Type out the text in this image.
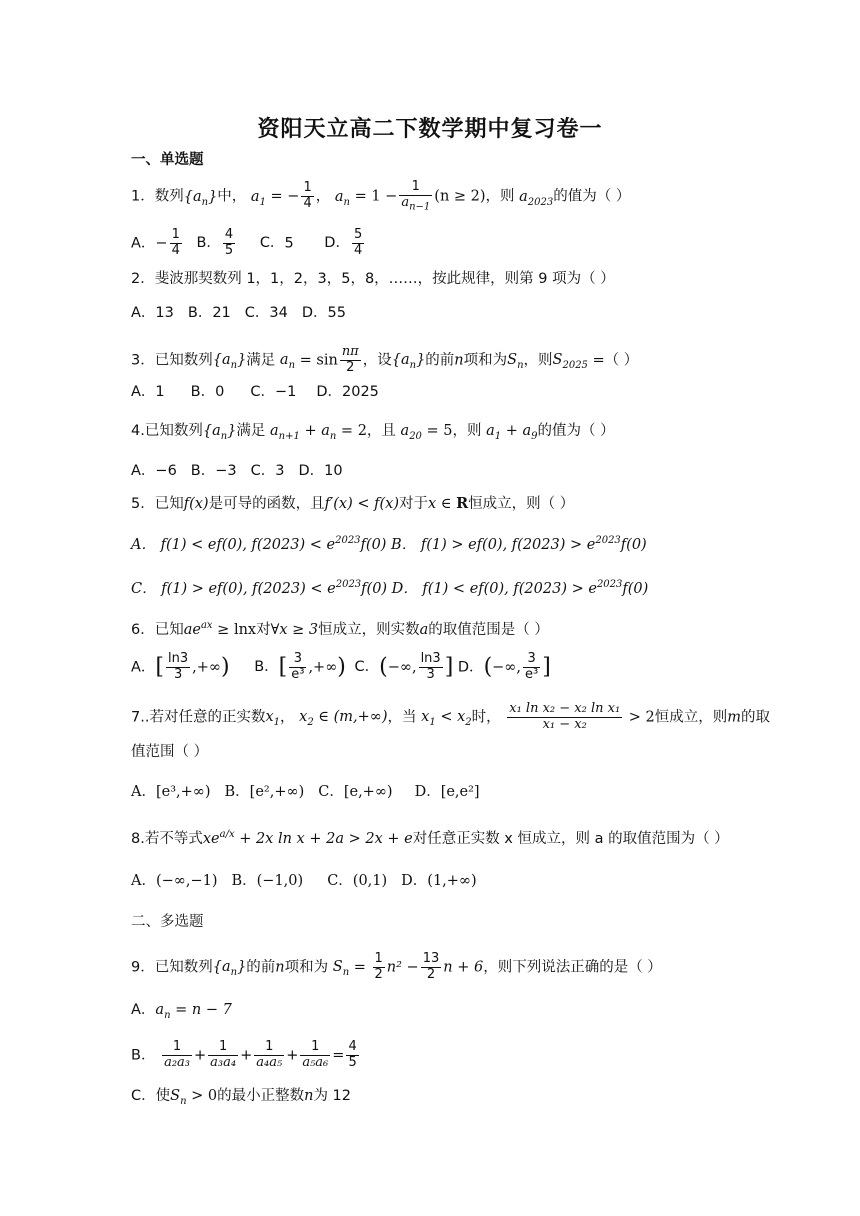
资阳天立高二下数学期中复习卷一
一、单选题
1．数列$\{a_n\}$中， $a_1$ = − $\frac{1}{4}$ ， $a_n = 1 - \frac{1}{a_{n-1}} (n \ge 2)$，则 $a_{2023}$的值为（ ）
A．− $\frac{1}{4}$ B． $\frac{4}{5}$ C．5 D． $\frac{5}{4}$
2．斐波那契数列 1，1，2，3，5，8，……，按此规律，则第 9 项为（ ）
A．13 B．21 C．34 D．55
3．已知数列$\{a_n\}$满足 $a_n = \sin \frac{n\pi}{2}$ ，设$\{a_n\}$的前n项和为$S_n$，则$S_{2025}$ =（ ）
A．1 B．0 C．−1 D．2025
4.已知数列$\{a_n\}$满足 $a_{n+1} + a_n = 2$，且 $a_{20} = 5$，则 $a_1 + a_9$的值为（ ）
A．−6 B．−3 C．3 D．10
5．已知f(x)是可导的函数，且f′(x) < f(x)对于x ∈ R恒成立，则（ ）
A． f(1) < ef(0), $f(2023) < e^{2023}f(0)$ B． f(1) > ef(0), $f(2023) > e^{2023}f(0)$
C． f(1) > ef(0), $f(2023) < e^{2023}f(0)$ D． f(1) < ef(0), $f(2023) > e^{2023}f(0)$
6．已知$ae^{ax} \ge \ln x$对∀x ≥ 3恒成立，则实数a的取值范围是（ ）
A．[ $\frac{\ln 3}{3}$ ,+∞) B．[ $\frac{3}{\text{e³}}$ ,+∞) C．(−∞, $\frac{\ln 3}{3}$ ] D．(−∞, $\frac{3}{\text{e³}}$ ]
7..若对任意的正实数$x_1$， $x_2$ ∈ (m,+∞)，当 $x_1 < x_2$时， $\frac{\text{x₁ ln x₂ − x₂ ln x₁}}{\text{x₁ − x₂}} > 2$恒成立，则m的取
值范围（ ）
A．[e³,+∞) B．[e²,+∞) C．[e,+∞) D．[e,e²]
8.若不等式$xe^{a/x} + 2x$ ln x + 2a > 2x + e对任意正实数 x 恒成立，则 a 的取值范围为（ ）
A．(−∞,−1) B．(−1,0) C．(0,1) D．(1,+∞)
二、多选题
9．已知数列$\{a_n\}$的前n项和为 $S_n = \frac{1}{2} n^2 - \frac{13}{2}$ n + 6，则下列说法正确的是（ ）
A．$a_n = n - 7$
B． $\frac{1}{\text{a₂a₃}} + \frac{1}{\text{a₃a₄}} + \frac{1}{\text{a₄a₅}} + \frac{1}{\text{a₅a₆}} = \frac{4}{5}$
C．使$S_n > 0$的最小正整数n为 12
